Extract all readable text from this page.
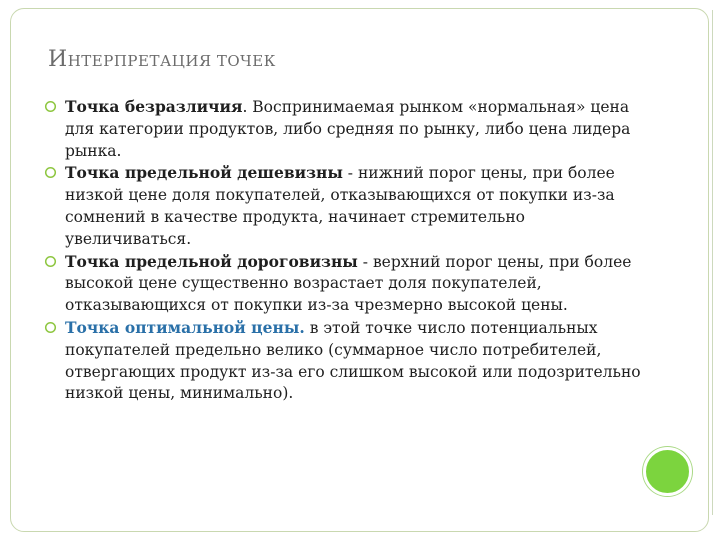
ИНТЕРПРЕТАЦИЯ ТОЧЕК
Точка безразличия. Воспринимаемая рынком «нормальная» цена для категории продуктов, либо средняя по рынку, либо цена лидера рынка.
Точка предельной дешевизны - нижний порог цены, при более низкой цене доля покупателей, отказывающихся от покупки из-за сомнений в качестве продукта, начинает стремительно увеличиваться.
Точка предельной дороговизны - верхний порог цены, при более высокой цене существенно возрастает доля покупателей, отказывающихся от покупки из-за чрезмерно высокой цены.
Точка оптимальной цены. в этой точке число потенциальных покупателей предельно велико (суммарное число потребителей, отвергающих продукт из-за его слишком высокой или подозрительно низкой цены, минимально).
